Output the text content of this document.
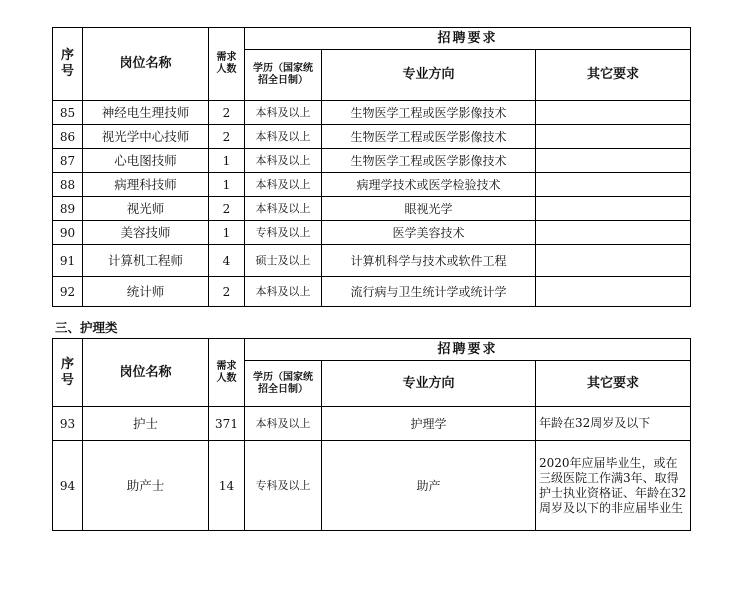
序号	岗位名称	需求人数	招聘要求		
			学历（国家统招全日制）	专业方向	其它要求
85	神经电生理技师	2	本科及以上	生物医学工程或医学影像技术	
86	视光学中心技师	2	本科及以上	生物医学工程或医学影像技术	
87	心电图技师	1	本科及以上	生物医学工程或医学影像技术	
88	病理科技师	1	本科及以上	病理学技术或医学检验技术	
89	视光师	2	本科及以上	眼视光学	
90	美容技师	1	专科及以上	医学美容技术	
91	计算机工程师	4	硕士及以上	计算机科学与技术或软件工程	
92	统计师	2	本科及以上	流行病与卫生统计学或统计学	
三、护理类
序号	岗位名称	需求人数	招聘要求		
			学历（国家统招全日制）	专业方向	其它要求
93	护士	371	本科及以上	护理学	年龄在32周岁及以下
94	助产士	14	专科及以上	助产	2020年应届毕业生，或在三级医院工作满3年、取得护士执业资格证、年龄在32周岁及以下的非应届毕业生
